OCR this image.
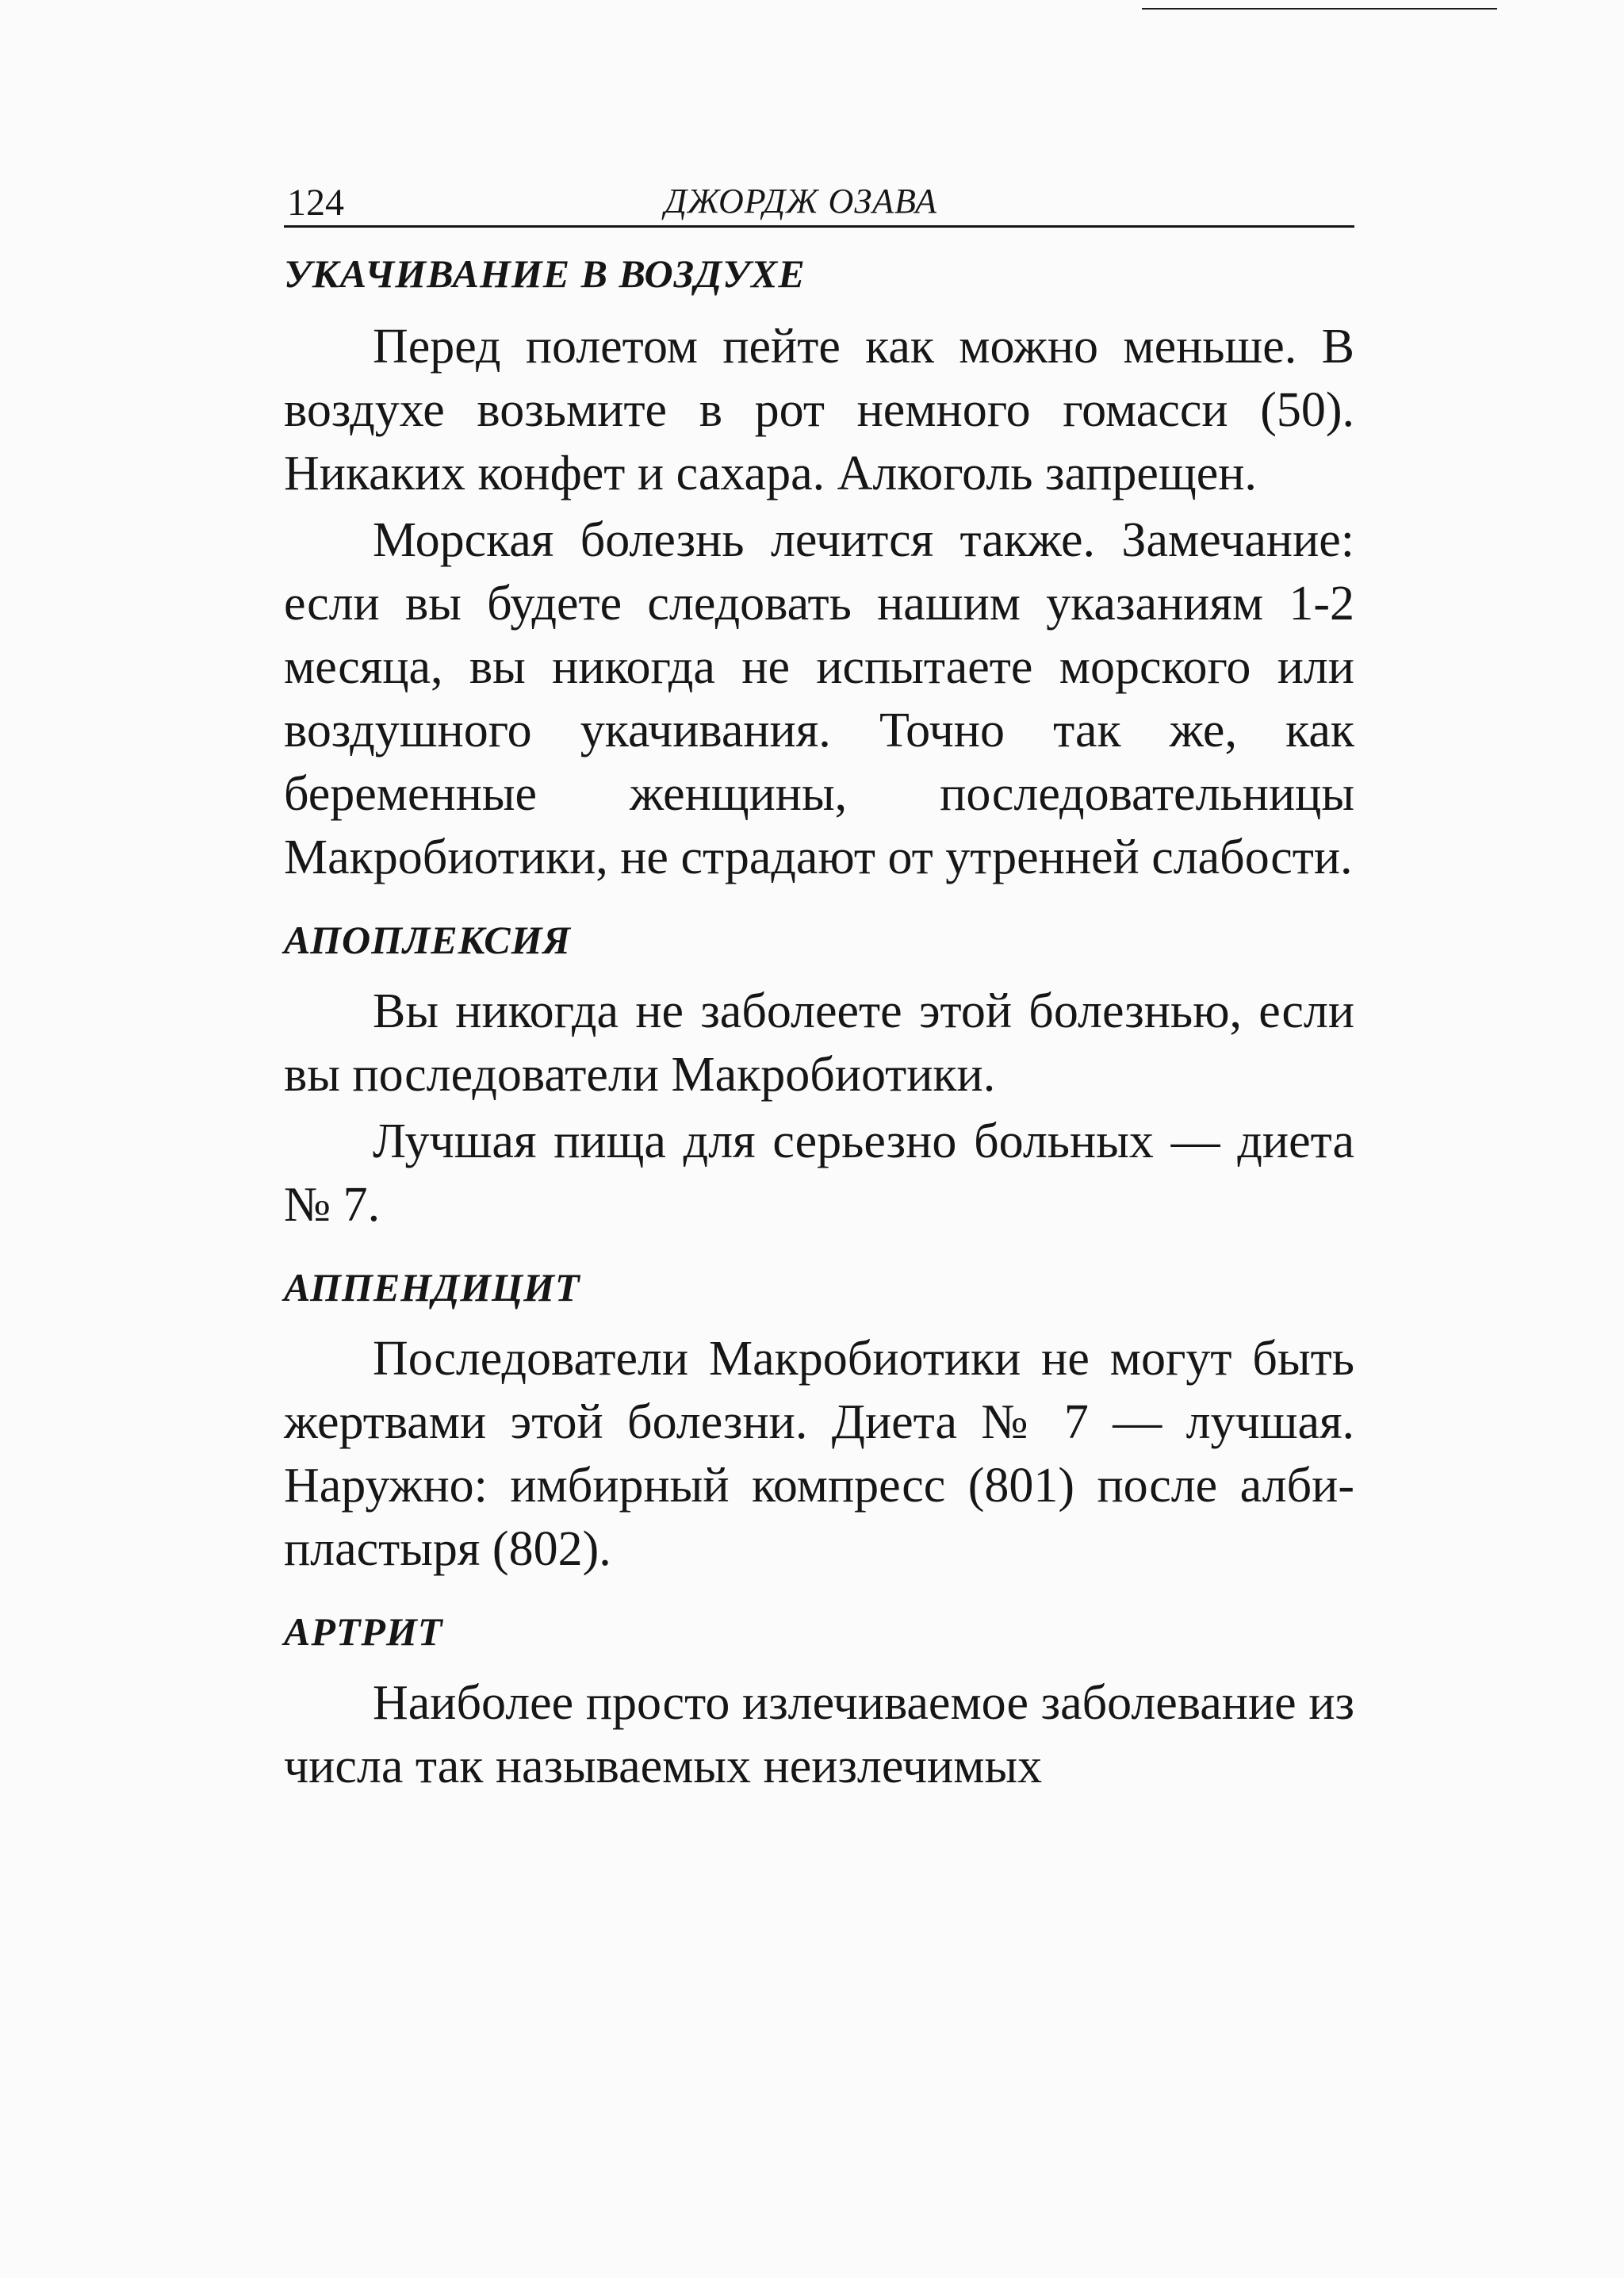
124	ДЖОРДЖ ОЗАВА
УКАЧИВАНИЕ В ВОЗДУХЕ

Перед полетом пейте как можно меньше. В воздухе возьмите в рот немного гомасси (50). Никаких конфет и сахара. Алкоголь запрещен.

Морская болезнь лечится также. Замечание: если вы будете следовать нашим указаниям 1-2 месяца, вы никогда не испытаете морского или воздушного укачивания. Точно так же, как беременные женщины, последовательницы Макробиотики, не страдают от утренней слабости.

АПОПЛЕКСИЯ

Вы никогда не заболеете этой болезнью, если вы последователи Макробиотики.

Лучшая пища для серьезно больных — диета № 7.

АППЕНДИЦИТ

Последователи Макробиотики не могут быть жертвами этой болезни. Диета № 7 — лучшая. Наружно: имбирный компресс (801) после алби-пластыря (802).

АРТРИТ

Наиболее просто излечиваемое заболевание из числа так называемых неизлечимых
